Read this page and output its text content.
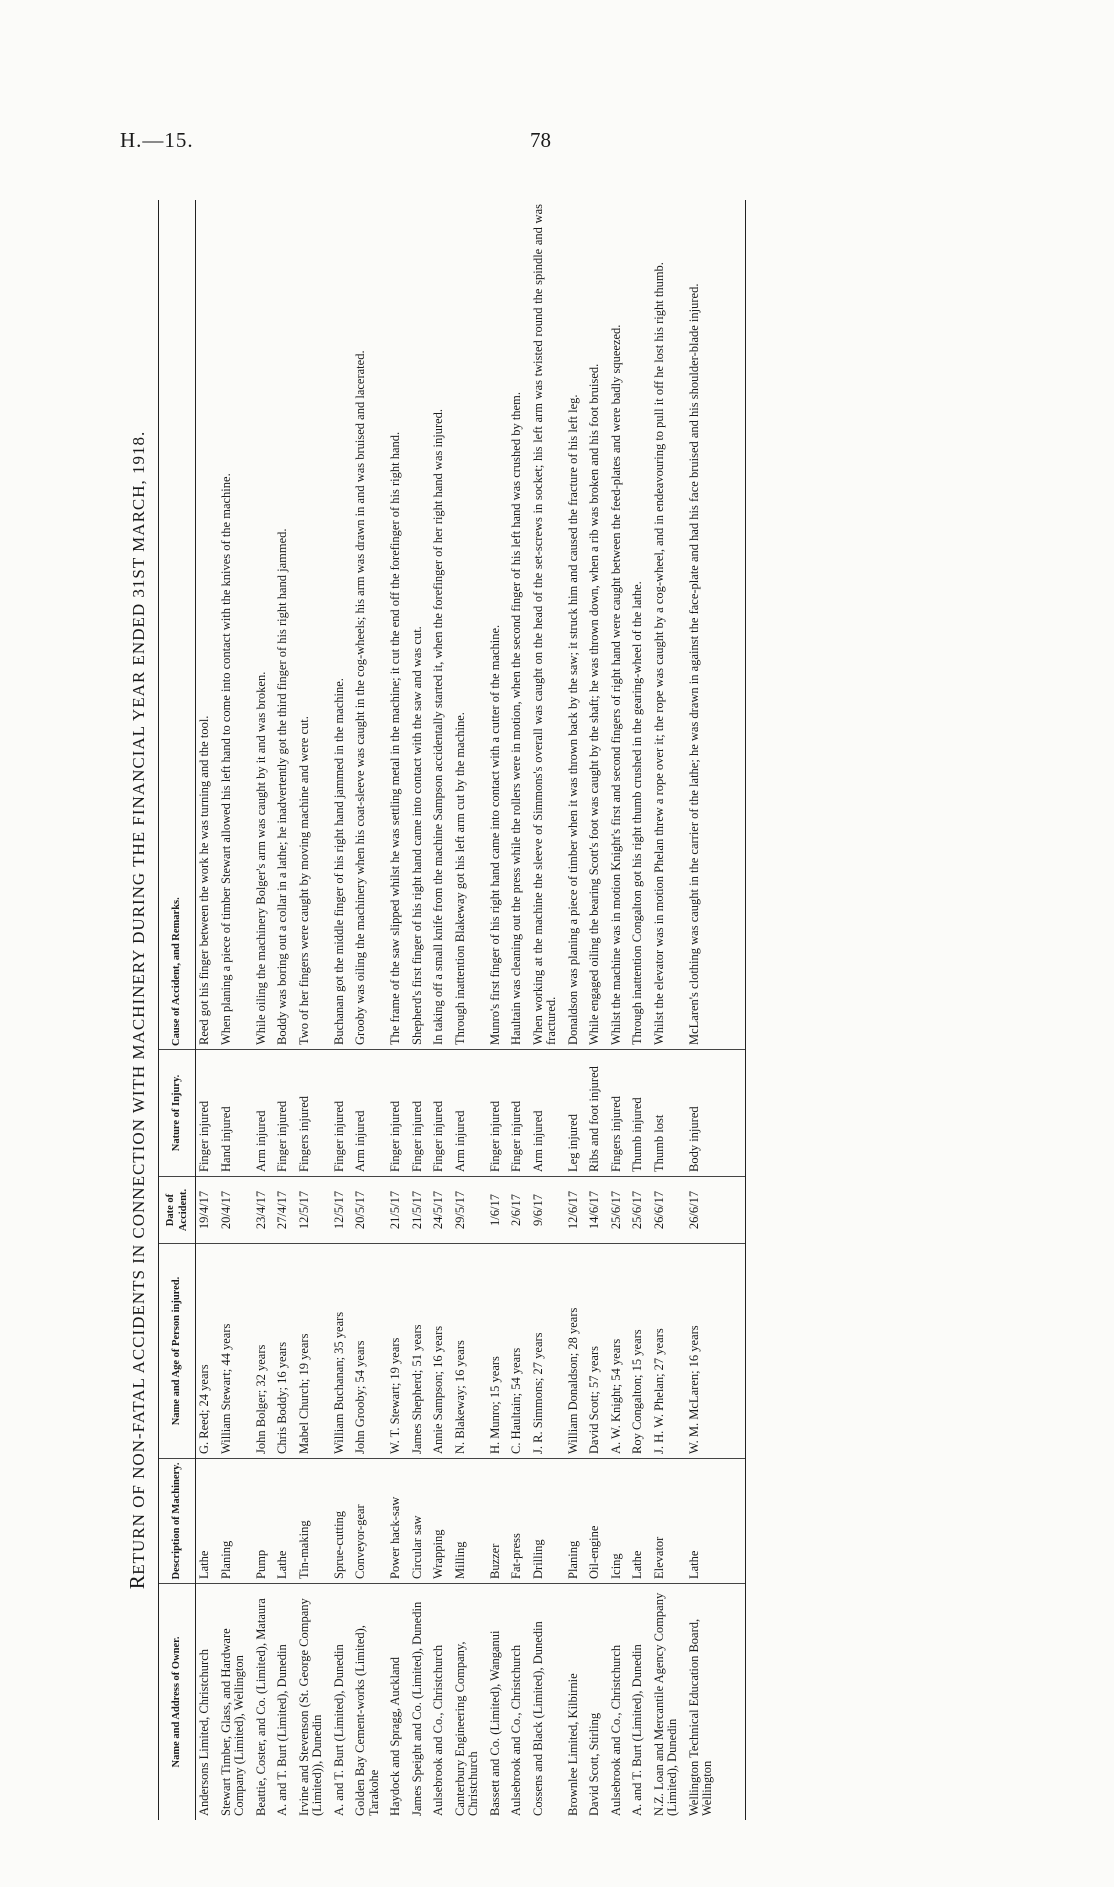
H.—15.	78
RETURN OF NON-FATAL ACCIDENTS IN CONNECTION WITH MACHINERY DURING THE FINANCIAL YEAR ENDED 31ST MARCH, 1918.
Name and Address of Owner.	Description of Machinery.	Name and Age of Person injured.	Date of Accident.	Nature of Injury.	Cause of Accident, and Remarks.
Andersons Limited, Christchurch	Lathe	G. Reed; 24 years	19/4/17	Finger injured	Reed got his finger between the work he was turning and the tool.
Stewart Timber, Glass, and Hardware Company (Limited), Wellington	Planing	William Stewart; 44 years	20/4/17	Hand injured	When planing a piece of timber Stewart allowed his left hand to come into contact with the knives of the machine.
Beattie, Coster, and Co. (Limited), Mataura	Pump	John Bolger; 32 years	23/4/17	Arm injured	While oiling the machinery Bolger's arm was caught by it and was broken.
A. and T. Burt (Limited), Dunedin	Lathe	Chris Boddy; 16 years	27/4/17	Finger injured	Boddy was boring out a collar in a lathe; he inadvertently got the third finger of his right hand jammed.
Irvine and Stevenson (St. George Company (Limited)), Dunedin	Tin-making	Mabel Church; 19 years	12/5/17	Fingers injured	Two of her fingers were caught by moving machine and were cut.
A. and T. Burt (Limited), Dunedin	Sprue-cutting	William Buchanan; 35 years	12/5/17	Finger injured	Buchanan got the middle finger of his right hand jammed in the machine.
Golden Bay Cement-works (Limited), Tarakohe	Conveyor-gear	John Grooby; 54 years	20/5/17	Arm injured	Grooby was oiling the machinery when his coat-sleeve was caught in the cog-wheels; his arm was drawn in and was bruised and lacerated.
Haydock and Spragg, Auckland	Power hack-saw	W. T. Stewart; 19 years	21/5/17	Finger injured	The frame of the saw slipped whilst he was settling metal in the machine; it cut the end off the forefinger of his right hand.
James Speight and Co. (Limited), Dunedin	Circular saw	James Shepherd; 51 years	21/5/17	Finger injured	Shepherd's first finger of his right hand came into contact with the saw and was cut.
Aulsebrook and Co., Christchurch	Wrapping	Annie Sampson; 16 years	24/5/17	Finger injured	In taking off a small knife from the machine Sampson accidentally started it, when the forefinger of her right hand was injured.
Canterbury Engineering Company, Christchurch	Milling	N. Blakeway; 16 years	29/5/17	Arm injured	Through inattention Blakeway got his left arm cut by the machine.
Bassett and Co. (Limited), Wanganui	Buzzer	H. Munro; 15 years	1/6/17	Finger injured	Munro's first finger of his right hand came into contact with a cutter of the machine.
Aulsebrook and Co., Christchurch	Fat-press	C. Haultain; 54 years	2/6/17	Finger injured	Haultain was cleaning out the press while the rollers were in motion, when the second finger of his left hand was crushed by them.
Cossens and Black (Limited), Dunedin	Drilling	J. R. Simmons; 27 years	9/6/17	Arm injured	When working at the machine the sleeve of Simmons's overall was caught on the head of the set-screws in socket; his left arm was twisted round the spindle and was fractured.
Brownlee Limited, Kilbirnie	Planing	William Donaldson; 28 years	12/6/17	Leg injured	Donaldson was planing a piece of timber when it was thrown back by the saw; it struck him and caused the fracture of his left leg.
David Scott, Stirling	Oil-engine	David Scott; 57 years	14/6/17	Ribs and foot injured	While engaged oiling the bearing Scott's foot was caught by the shaft; he was thrown down, when a rib was broken and his foot bruised.
Aulsebrook and Co., Christchurch	Icing	A. W. Knight; 54 years	25/6/17	Fingers injured	Whilst the machine was in motion Knight's first and second fingers of right hand were caught between the feed-plates and were badly squeezed.
A. and T. Burt (Limited), Dunedin	Lathe	Roy Congalton; 15 years	25/6/17	Thumb injured	Through inattention Congalton got his right thumb crushed in the gearing-wheel of the lathe.
N.Z. Loan and Mercantile Agency Company (Limited), Dunedin	Elevator	J. H. W. Phelan; 27 years	26/6/17	Thumb lost	Whilst the elevator was in motion Phelan threw a rope over it; the rope was caught by a cog-wheel, and in endeavouring to pull it off he lost his right thumb.
Wellington Technical Education Board, Wellington	Lathe	W. M. McLaren; 16 years	26/6/17	Body injured	McLaren's clothing was caught in the carrier of the lathe; he was drawn in against the face-plate and had his face bruised and his shoulder-blade injured.
